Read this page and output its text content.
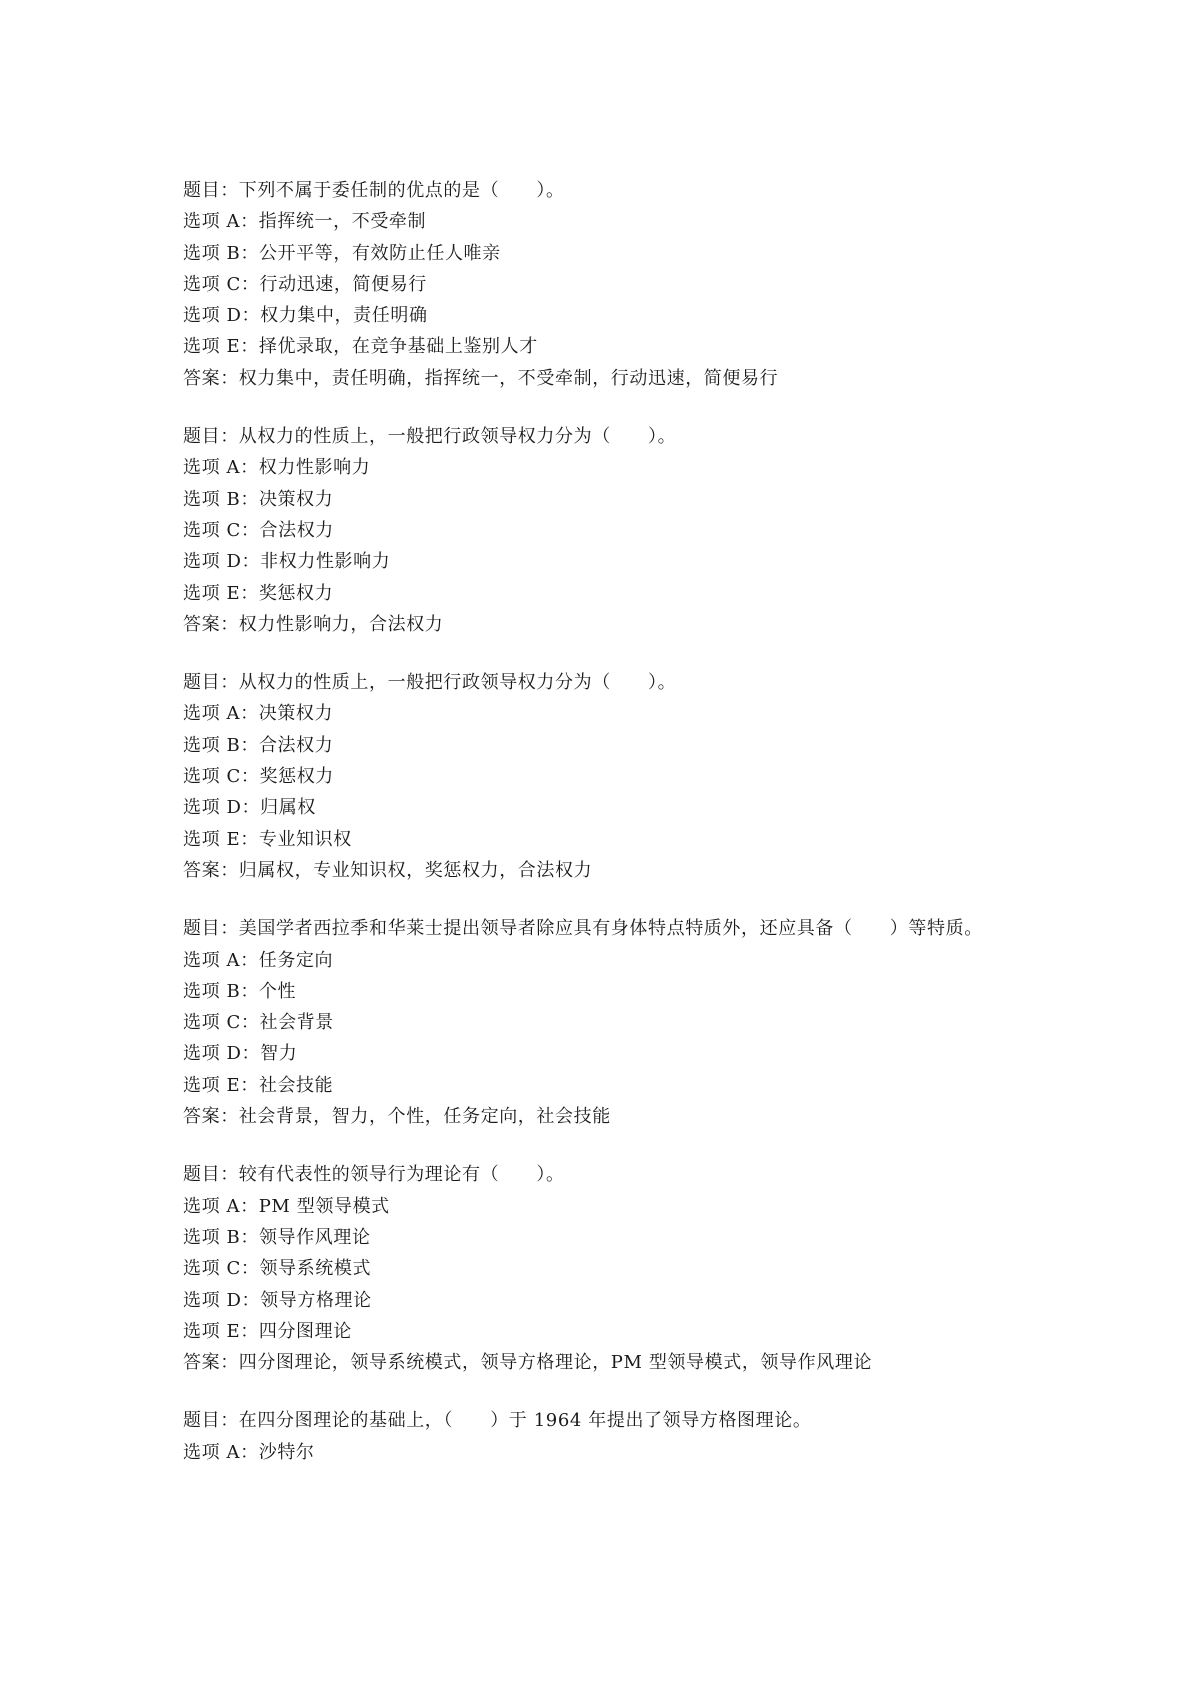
题目：下列不属于委任制的优点的是（　　）。
选项 A：指挥统一，不受牵制
选项 B：公开平等，有效防止任人唯亲
选项 C：行动迅速，简便易行
选项 D：权力集中，责任明确
选项 E：择优录取，在竞争基础上鉴别人才
答案：权力集中，责任明确，指挥统一，不受牵制，行动迅速，简便易行
题目：从权力的性质上，一般把行政领导权力分为（　　）。
选项 A：权力性影响力
选项 B：决策权力
选项 C：合法权力
选项 D：非权力性影响力
选项 E：奖惩权力
答案：权力性影响力，合法权力
题目：从权力的性质上，一般把行政领导权力分为（　　）。
选项 A：决策权力
选项 B：合法权力
选项 C：奖惩权力
选项 D：归属权
选项 E：专业知识权
答案：归属权，专业知识权，奖惩权力，合法权力
题目：美国学者西拉季和华莱士提出领导者除应具有身体特点特质外，还应具备（　　）等特质。
选项 A：任务定向
选项 B：个性
选项 C：社会背景
选项 D：智力
选项 E：社会技能
答案：社会背景，智力，个性，任务定向，社会技能
题目：较有代表性的领导行为理论有（　　）。
选项 A：PM 型领导模式
选项 B：领导作风理论
选项 C：领导系统模式
选项 D：领导方格理论
选项 E：四分图理论
答案：四分图理论，领导系统模式，领导方格理论，PM 型领导模式，领导作风理论
题目：在四分图理论的基础上，（　　）于 1964 年提出了领导方格图理论。
选项 A：沙特尔
